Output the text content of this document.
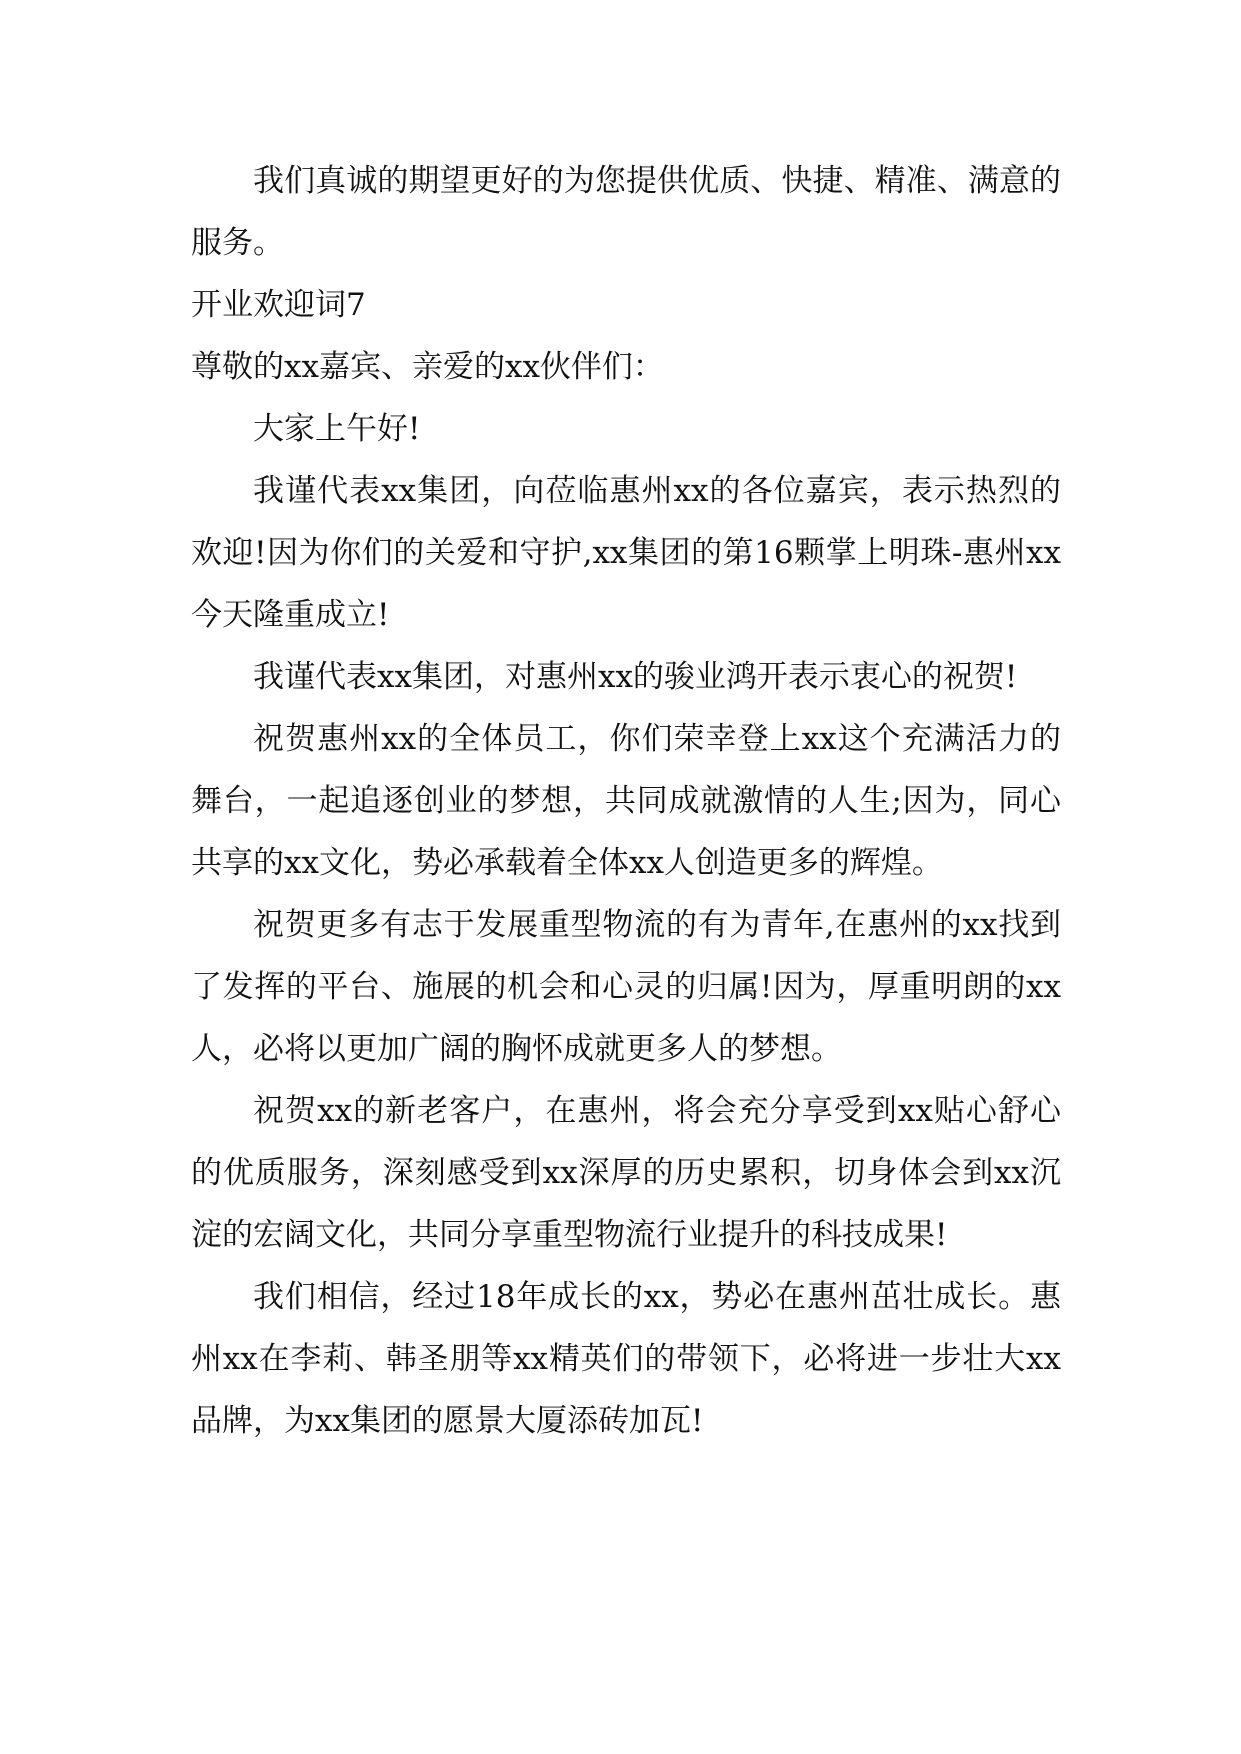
我们真诚的期望更好的为您提供优质、快捷、精准、满意的服务。

开业欢迎词7

尊敬的xx嘉宾、亲爱的xx伙伴们：

大家上午好!

我谨代表xx集团，向莅临惠州xx的各位嘉宾，表示热烈的欢迎!因为你们的关爱和守护,xx集团的第16颗掌上明珠-惠州xx今天隆重成立!

我谨代表xx集团，对惠州xx的骏业鸿开表示衷心的祝贺!

祝贺惠州xx的全体员工，你们荣幸登上xx这个充满活力的舞台，一起追逐创业的梦想，共同成就激情的人生;因为，同心共享的xx文化，势必承载着全体xx人创造更多的辉煌。

祝贺更多有志于发展重型物流的有为青年,在惠州的xx找到了发挥的平台、施展的机会和心灵的归属!因为，厚重明朗的xx人，必将以更加广阔的胸怀成就更多人的梦想。

祝贺xx的新老客户，在惠州，将会充分享受到xx贴心舒心的优质服务，深刻感受到xx深厚的历史累积，切身体会到xx沉淀的宏阔文化，共同分享重型物流行业提升的科技成果!

我们相信，经过18年成长的xx，势必在惠州茁壮成长。惠州xx在李莉、韩圣朋等xx精英们的带领下，必将进一步壮大xx品牌，为xx集团的愿景大厦添砖加瓦!
